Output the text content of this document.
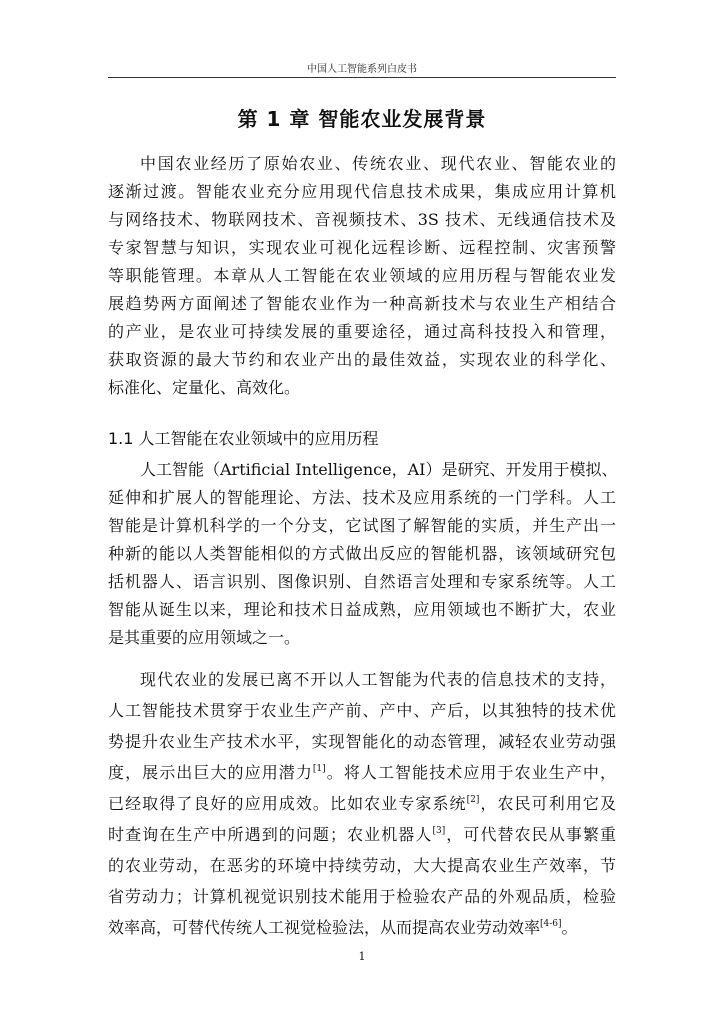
中国人工智能系列白皮书
第 1 章 智能农业发展背景
中国农业经历了原始农业、传统农业、现代农业、智能农业的
逐渐过渡。智能农业充分应用现代信息技术成果，集成应用计算机
与网络技术、物联网技术、音视频技术、3S 技术、无线通信技术及
专家智慧与知识，实现农业可视化远程诊断、远程控制、灾害预警
等职能管理。本章从人工智能在农业领域的应用历程与智能农业发
展趋势两方面阐述了智能农业作为一种高新技术与农业生产相结合
的产业，是农业可持续发展的重要途径，通过高科技投入和管理，
获取资源的最大节约和农业产出的最佳效益，实现农业的科学化、
标准化、定量化、高效化。
1.1 人工智能在农业领域中的应用历程
人工智能（Artificial Intelligence，AI）是研究、开发用于模拟、
延伸和扩展人的智能理论、方法、技术及应用系统的一门学科。人工
智能是计算机科学的一个分支，它试图了解智能的实质，并生产出一
种新的能以人类智能相似的方式做出反应的智能机器，该领域研究包
括机器人、语言识别、图像识别、自然语言处理和专家系统等。人工
智能从诞生以来，理论和技术日益成熟，应用领域也不断扩大，农业
是其重要的应用领域之一。
现代农业的发展已离不开以人工智能为代表的信息技术的支持，
人工智能技术贯穿于农业生产产前、产中、产后，以其独特的技术优
势提升农业生产技术水平，实现智能化的动态管理，减轻农业劳动强
度，展示出巨大的应用潜力[1]。将人工智能技术应用于农业生产中，
已经取得了良好的应用成效。比如农业专家系统[2]，农民可利用它及
时查询在生产中所遇到的问题；农业机器人[3]，可代替农民从事繁重
的农业劳动，在恶劣的环境中持续劳动，大大提高农业生产效率，节
省劳动力；计算机视觉识别技术能用于检验农产品的外观品质，检验
效率高，可替代传统人工视觉检验法，从而提高农业劳动效率[4-6]。
1
